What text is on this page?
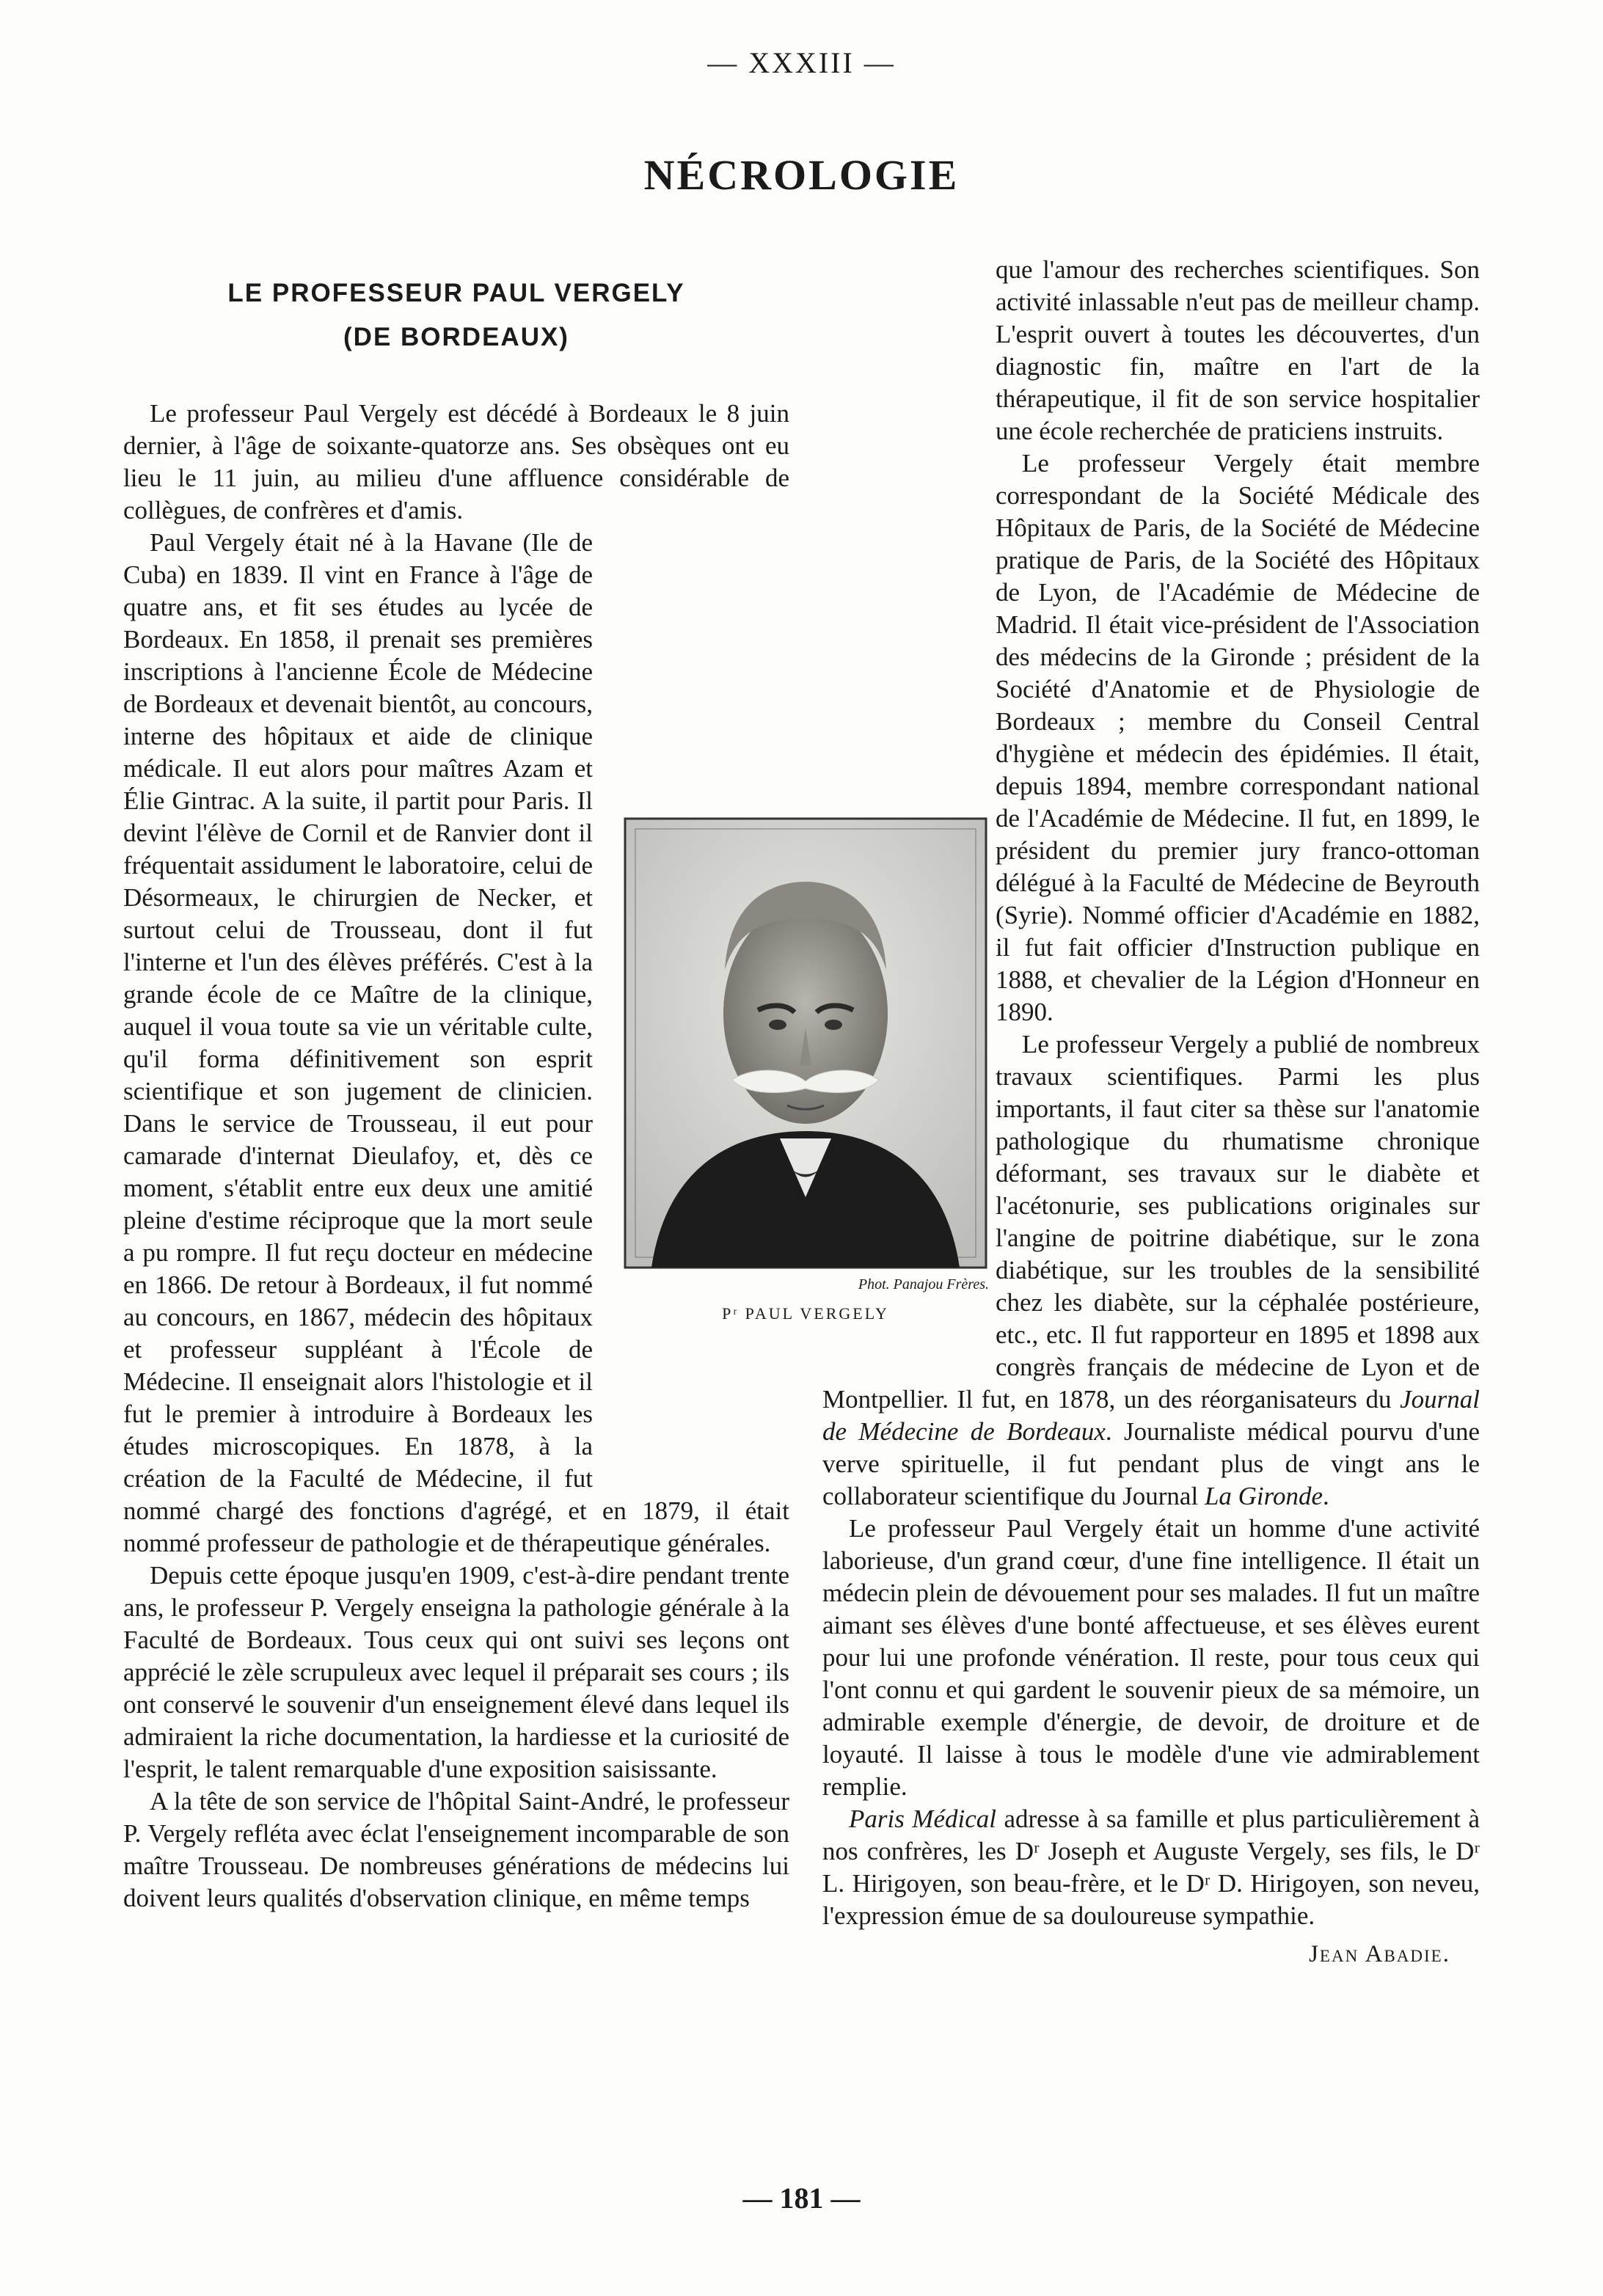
— XXXIII —
NÉCROLOGIE
LE PROFESSEUR PAUL VERGELY
(DE BORDEAUX)

Le professeur Paul Vergely est décédé à Bordeaux le 8 juin dernier, à l'âge de soixante-quatorze ans. Ses obsèques ont eu lieu le 11 juin, au milieu d'une affluence considérable de collègues, de confrères et d'amis.

Paul Vergely était né à la Havane (Ile de Cuba) en 1839. Il vint en France à l'âge de quatre ans, et fit ses études au lycée de Bordeaux. En 1858, il prenait ses premières inscriptions à l'ancienne École de Médecine de Bordeaux et devenait bientôt, au concours, interne des hôpitaux et aide de clinique médicale. Il eut alors pour maîtres Azam et Élie Gintrac. A la suite, il partit pour Paris. Il devint l'élève de Cornil et de Ranvier dont il fréquentait assidument le laboratoire, celui de Désormeaux, le chirurgien de Necker, et surtout celui de Trousseau, dont il fut l'interne et l'un des élèves préférés. C'est à la grande école de ce Maître de la clinique, auquel il voua toute sa vie un véritable culte, qu'il forma définitivement son esprit scientifique et son jugement de clinicien. Dans le service de Trousseau, il eut pour camarade d'internat Dieulafoy, et, dès ce moment, s'établit entre eux deux une amitié pleine d'estime réciproque que la mort seule a pu rompre. Il fut reçu docteur en médecine en 1866. De retour à Bordeaux, il fut nommé au concours, en 1867, médecin des hôpitaux et professeur suppléant à l'École de Médecine. Il enseignait alors l'histologie et il fut le premier à introduire à Bordeaux les études microscopiques. En 1878, à la création de la Faculté de Médecine, il fut nommé chargé des fonctions d'agrégé, et en 1879, il était nommé professeur de pathologie et de thérapeutique générales.

Depuis cette époque jusqu'en 1909, c'est-à-dire pendant trente ans, le professeur P. Vergely enseigna la pathologie générale à la Faculté de Bordeaux. Tous ceux qui ont suivi ses leçons ont apprécié le zèle scrupuleux avec lequel il préparait ses cours ; ils ont conservé le souvenir d'un enseignement élevé dans lequel ils admiraient la riche documentation, la hardiesse et la curiosité de l'esprit, le talent remarquable d'une exposition saisissante.

A la tête de son service de l'hôpital Saint-André, le professeur P. Vergely refléta avec éclat l'enseignement incomparable de son maître Trousseau. De nombreuses générations de médecins lui doivent leurs qualités d'observation clinique, en même temps

Phot. Panajou Frères.
Pʳ PAUL VERGELY

que l'amour des recherches scientifiques. Son activité inlassable n'eut pas de meilleur champ. L'esprit ouvert à toutes les découvertes, d'un diagnostic fin, maître en l'art de la thérapeutique, il fit de son service hospitalier une école recherchée de praticiens instruits.

Le professeur Vergely était membre correspondant de la Société Médicale des Hôpitaux de Paris, de la Société de Médecine pratique de Paris, de la Société des Hôpitaux de Lyon, de l'Académie de Médecine de Madrid. Il était vice-président de l'Association des médecins de la Gironde ; président de la Société d'Anatomie et de Physiologie de Bordeaux ; membre du Conseil Central d'hygiène et médecin des épidémies. Il était, depuis 1894, membre correspondant national de l'Académie de Médecine. Il fut, en 1899, le président du premier jury franco-ottoman délégué à la Faculté de Médecine de Beyrouth (Syrie). Nommé officier d'Académie en 1882, il fut fait officier d'Instruction publique en 1888, et chevalier de la Légion d'Honneur en 1890.

Le professeur Vergely a publié de nombreux travaux scientifiques. Parmi les plus importants, il faut citer sa thèse sur l'anatomie pathologique du rhumatisme chronique déformant, ses travaux sur le diabète et l'acétonurie, ses publications originales sur l'angine de poitrine diabétique, sur le zona diabétique, sur les troubles de la sensibilité chez les diabète, sur la céphalée postérieure, etc., etc. Il fut rapporteur en 1895 et 1898 aux congrès français de médecine de Lyon et de Montpellier. Il fut, en 1878, un des réorganisateurs du Journal de Médecine de Bordeaux. Journaliste médical pourvu d'une verve spirituelle, il fut pendant plus de vingt ans le collaborateur scientifique du Journal La Gironde.

Le professeur Paul Vergely était un homme d'une activité laborieuse, d'un grand cœur, d'une fine intelligence. Il était un médecin plein de dévouement pour ses malades. Il fut un maître aimant ses élèves d'une bonté affectueuse, et ses élèves eurent pour lui une profonde vénération. Il reste, pour tous ceux qui l'ont connu et qui gardent le souvenir pieux de sa mémoire, un admirable exemple d'énergie, de devoir, de droiture et de loyauté. Il laisse à tous le modèle d'une vie admirablement remplie.

Paris Médical adresse à sa famille et plus particulièrement à nos confrères, les Dʳ Joseph et Auguste Vergely, ses fils, le Dʳ L. Hirigoyen, son beau-frère, et le Dʳ D. Hirigoyen, son neveu, l'expression émue de sa douloureuse sympathie.

Jean Abadie.
— 181 —
